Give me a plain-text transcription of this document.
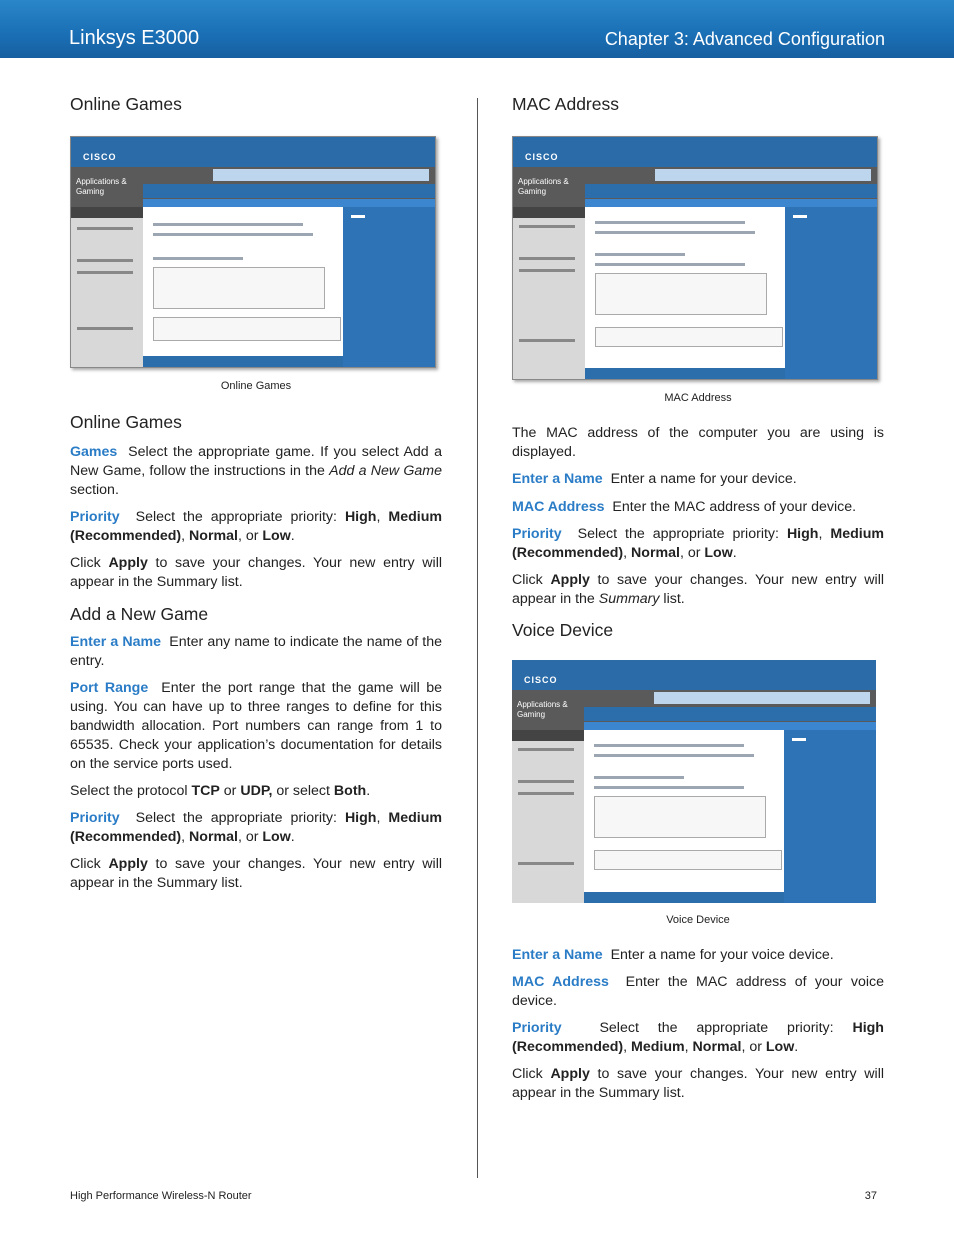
Linksys E3000	Chapter 3: Advanced Configuration
Online Games
CISCO
Applications & Gaming
Online Games
Online Games

Games Select the appropriate game. If you select Add a New Game, follow the instructions in the Add a New Game section.

Priority Select the appropriate priority: High, Medium (Recommended), Normal, or Low.

Click Apply to save your changes. Your new entry will appear in the Summary list.

Add a New Game

Enter a Name Enter any name to indicate the name of the entry.

Port Range Enter the port range that the game will be using. You can have up to three ranges to define for this bandwidth allocation. Port numbers can range from 1 to 65535. Check your application’s documentation for details on the service ports used.

Select the protocol TCP or UDP, or select Both.

Priority Select the appropriate priority: High, Medium (Recommended), Normal, or Low.

Click Apply to save your changes. Your new entry will appear in the Summary list.

MAC Address
CISCO
Applications & Gaming
MAC Address

The MAC address of the computer you are using is displayed.

Enter a Name Enter a name for your device.

MAC Address Enter the MAC address of your device.

Priority Select the appropriate priority: High, Medium (Recommended), Normal, or Low.

Click Apply to save your changes. Your new entry will appear in the Summary list.

Voice Device
CISCO
Applications & Gaming
Voice Device

Enter a Name Enter a name for your voice device.

MAC Address Enter the MAC address of your voice device.

Priority	Select the appropriate priority: High (Recommended), Medium, Normal, or Low.

Click Apply to save your changes. Your new entry will appear in the Summary list.

High Performance Wireless-N Router	37
